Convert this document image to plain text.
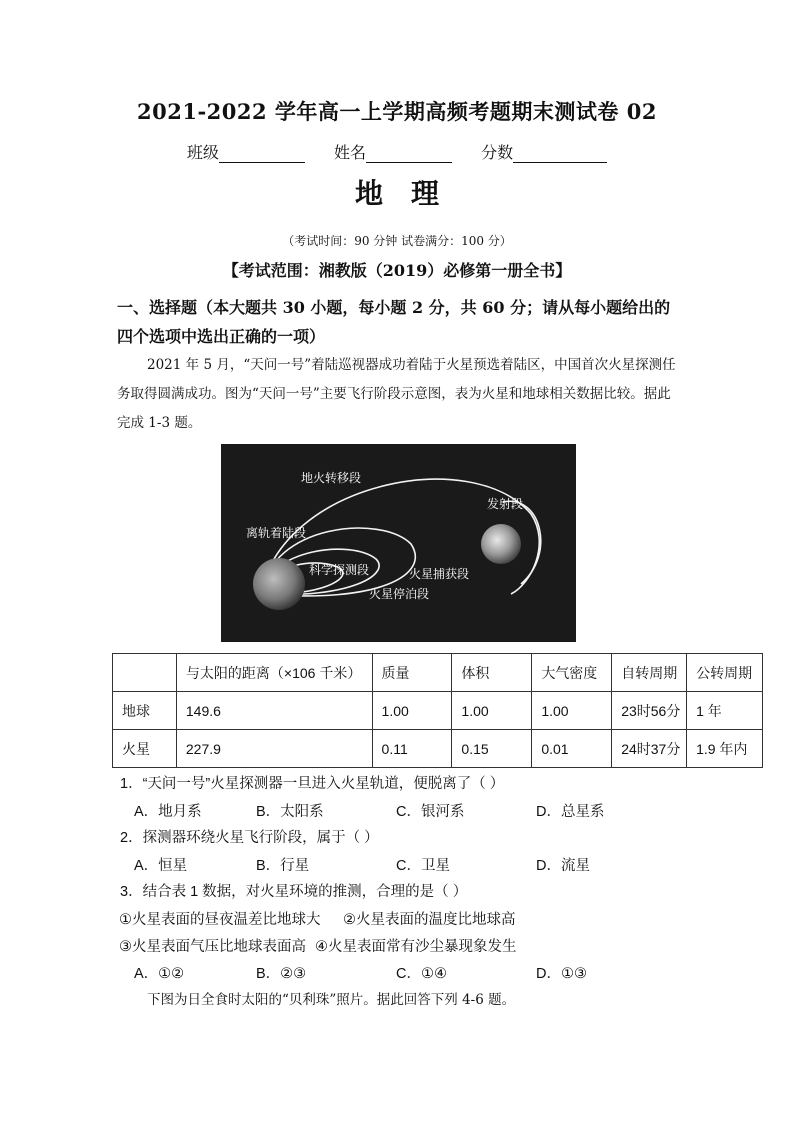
2021-2022 学年高一上学期高频考题期末测试卷 02
班级	姓名	分数
地理
（考试时间：90 分钟 试卷满分：100 分）
【考试范围：湘教版（2019）必修第一册全书】
一、选择题（本大题共 30 小题，每小题 2 分，共 60 分；请从每小题给出的四个选项中选出正确的一项）
2021 年 5 月，“天问一号”着陆巡视器成功着陆于火星预选着陆区，中国首次火星探测任务取得圆满成功。图为“天问一号”主要飞行阶段示意图，表为火星和地球相关数据比较。据此完成 1-3 题。
地火转移段
发射段
离轨着陆段
科学探测段	火星捕获段
火星停泊段
	与太阳的距离（×106 千米）	质量	体积	大气密度	自转周期	公转周期
地球	149.6	1.00	1.00	1.00	23时56分	1 年
火星	227.9	0.11	0.15	0.01	24时37分	1.9 年内
1．“天问一号”火星探测器一旦进入火星轨道，便脱离了（ ）
A．地月系	B．太阳系	C．银河系	D．总星系
2．探测器环绕火星飞行阶段，属于（ ）
A．恒星	B．行星	C．卫星	D．流星
3．结合表 1 数据，对火星环境的推测，合理的是（ ）
①火星表面的昼夜温差比地球大 ②火星表面的温度比地球高
③火星表面气压比地球表面高 ④火星表面常有沙尘暴现象发生
A．①②	B．②③	C．①④	D．①③
下图为日全食时太阳的“贝利珠”照片。据此回答下列 4-6 题。
